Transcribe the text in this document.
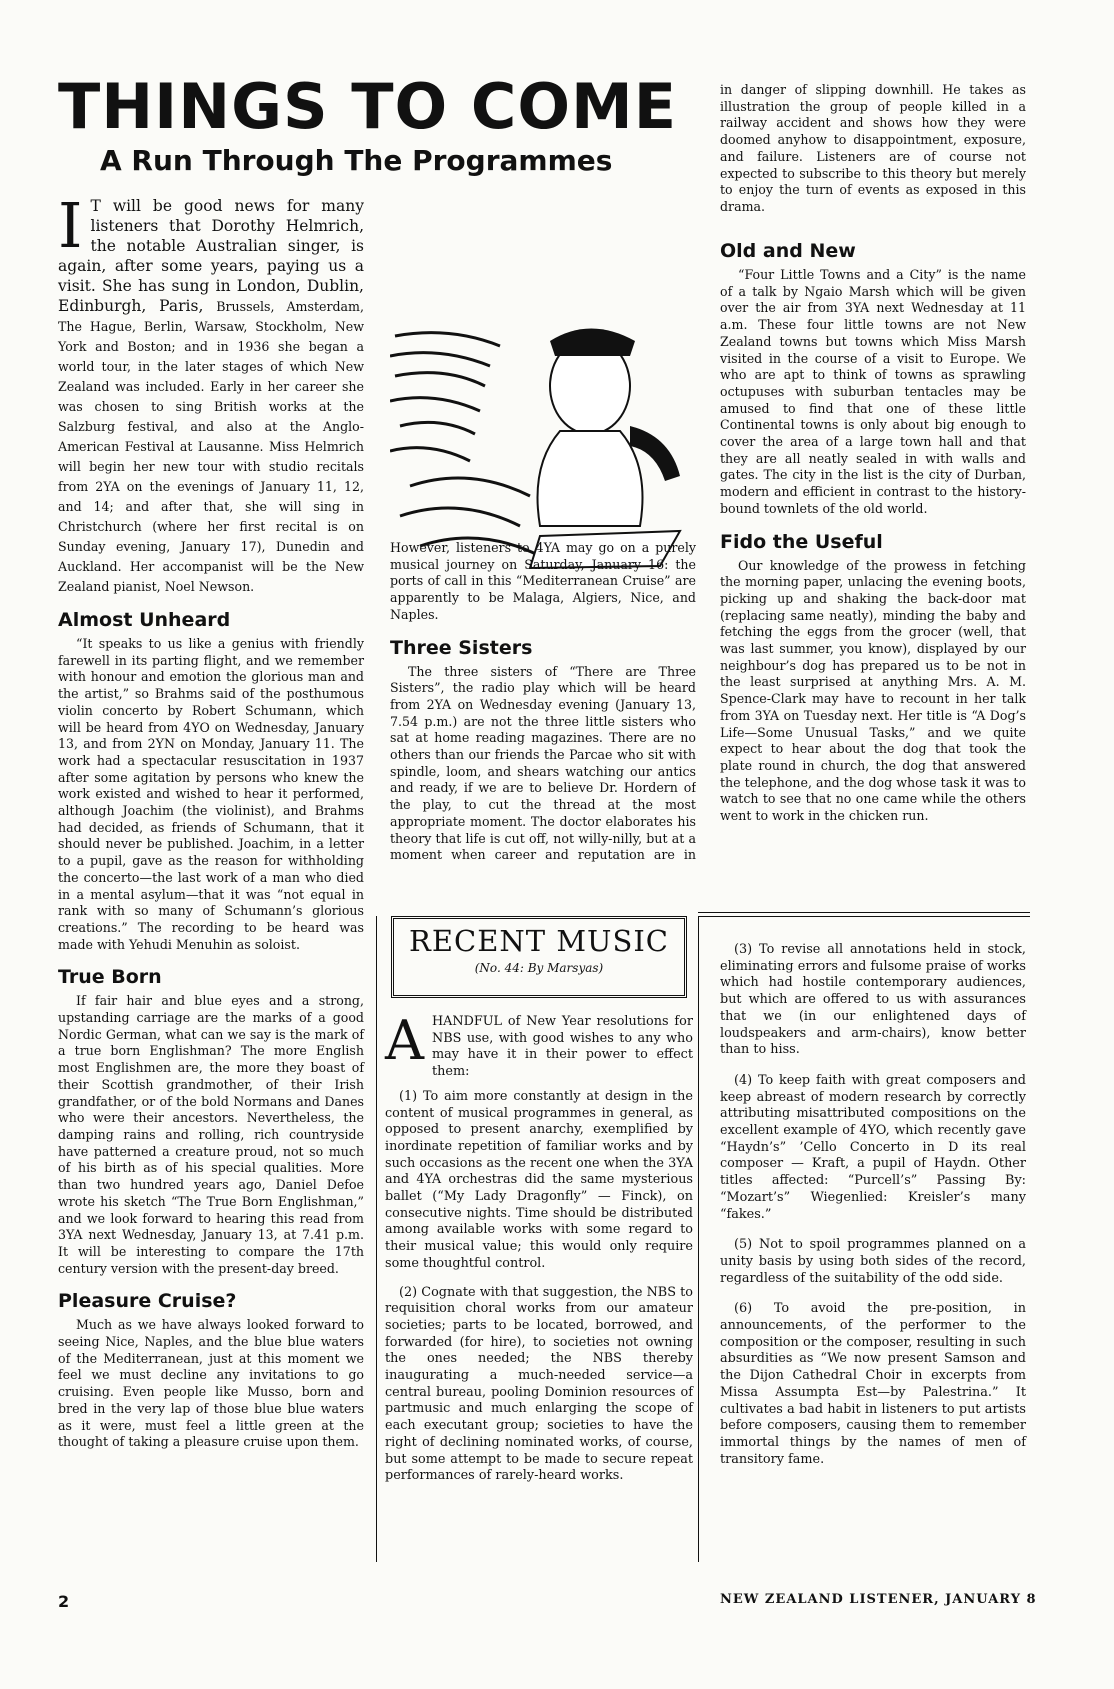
THINGS TO COME
A Run Through The Programmes

I T will be good news for many listeners that Dorothy Helmrich, the notable Australian singer, is again, after some years, paying us a visit. She has sung in London, Dublin, Edinburgh, Paris, Brussels, Amsterdam, The Hague, Berlin, Warsaw, Stockholm, New York and Boston; and in 1936 she began a world tour, in the later stages of which New Zealand was included. Early in her career she was chosen to sing British works at the Salzburg festival, and also at the Anglo-American Festival at Lausanne. Miss Helmrich will begin her new tour with studio recitals from 2YA on the evenings of January 11, 12, and 14; and after that, she will sing in Christchurch (where her first recital is on Sunday evening, January 17), Dunedin and Auckland. Her accompanist will be the New Zealand pianist, Noel Newson.

Almost Unheard

“It speaks to us like a genius with friendly farewell in its parting flight, and we remember with honour and emotion the glorious man and the artist,” so Brahms said of the posthumous violin concerto by Robert Schumann, which will be heard from 4YO on Wednesday, January 13, and from 2YN on Monday, January 11. The work had a spectacular resuscitation in 1937 after some agitation by persons who knew the work existed and wished to hear it performed, although Joachim (the violinist), and Brahms had decided, as friends of Schumann, that it should never be published. Joachim, in a letter to a pupil, gave as the reason for withholding the concerto—the last work of a man who died in a mental asylum—that it was “not equal in rank with so many of Schumann’s glorious creations.” The recording to be heard was made with Yehudi Menuhin as soloist.

True Born

If fair hair and blue eyes and a strong, upstanding carriage are the marks of a good Nordic German, what can we say is the mark of a true born Englishman? The more English most Englishmen are, the more they boast of their Scottish grandmother, of their Irish grandfather, or of the bold Normans and Danes who were their ancestors. Nevertheless, the damping rains and rolling, rich countryside have patterned a creature proud, not so much of his birth as of his special qualities. More than two hundred years ago, Daniel Defoe wrote his sketch “The True Born Englishman,” and we look forward to hearing this read from 3YA next Wednesday, January 13, at 7.41 p.m. It will be interesting to compare the 17th century version with the present-day breed.

Pleasure Cruise?

Much as we have always looked forward to seeing Nice, Naples, and the blue blue waters of the Mediterranean, just at this moment we feel we must decline any invitations to go cruising. Even people like Musso, born and bred in the very lap of those blue blue waters as it were, must feel a little green at the thought of taking a pleasure cruise upon them.

However, listeners to 4YA may go on a purely musical journey on Saturday, January 16: the ports of call in this “Mediterranean Cruise” are apparently to be Malaga, Algiers, Nice, and Naples.

Three Sisters

The three sisters of “There are Three Sisters”, the radio play which will be heard from 2YA on Wednesday evening (January 13, 7.54 p.m.) are not the three little sisters who sat at home reading magazines. There are no others than our friends the Parcae who sit with spindle, loom, and shears watching our antics and ready, if we are to believe Dr. Hordern of the play, to cut the thread at the most appropriate moment. The doctor elaborates his theory that life is cut off, not willy-nilly, but at a moment when career and reputation are in

in danger of slipping downhill. He takes as illustration the group of people killed in a railway accident and shows how they were doomed anyhow to disappointment, exposure, and failure. Listeners are of course not expected to subscribe to this theory but merely to enjoy the turn of events as exposed in this drama.

Old and New

“Four Little Towns and a City” is the name of a talk by Ngaio Marsh which will be given over the air from 3YA next Wednesday at 11 a.m. These four little towns are not New Zealand towns but towns which Miss Marsh visited in the course of a visit to Europe. We who are apt to think of towns as sprawling octupuses with suburban tentacles may be amused to find that one of these little Continental towns is only about big enough to cover the area of a large town hall and that they are all neatly sealed in with walls and gates. The city in the list is the city of Durban, modern and efficient in contrast to the history-bound townlets of the old world.

Fido the Useful

Our knowledge of the prowess in fetching the morning paper, unlacing the evening boots, picking up and shaking the back-door mat (replacing same neatly), minding the baby and fetching the eggs from the grocer (well, that was last summer, you know), displayed by our neighbour’s dog has prepared us to be not in the least surprised at anything Mrs. A. M. Spence-Clark may have to recount in her talk from 3YA on Tuesday next. Her title is “A Dog’s Life—Some Unusual Tasks,” and we quite expect to hear about the dog that took the plate round in church, the dog that answered the telephone, and the dog whose task it was to watch to see that no one came while the others went to work in the chicken run.

RECENT MUSIC
(No. 44: By Marsyas)

AHANDFUL of New Year resolutions for NBS use, with good wishes to any who may have it in their power to effect them:

(1) To aim more constantly at design in the content of musical programmes in general, as opposed to present anarchy, exemplified by inordinate repetition of familiar works and by such occasions as the recent one when the 3YA and 4YA orchestras did the same mysterious ballet (“My Lady Dragonfly” — Finck), on consecutive nights. Time should be distributed among available works with some regard to their musical value; this would only require some thoughtful control.

(2) Cognate with that suggestion, the NBS to requisition choral works from our amateur societies; parts to be located, borrowed, and forwarded (for hire), to societies not owning the ones needed; the NBS thereby inaugurating a much-needed service—a central bureau, pooling Dominion resources of partmusic and much enlarging the scope of each executant group; societies to have the right of declining nominated works, of course, but some attempt to be made to secure repeat performances of rarely-heard works.

(3) To revise all annotations held in stock, eliminating errors and fulsome praise of works which had hostile contemporary audiences, but which are offered to us with assurances that we (in our enlightened days of loudspeakers and arm-chairs), know better than to hiss.

(4) To keep faith with great composers and keep abreast of modern research by correctly attributing misattributed compositions on the excellent example of 4YO, which recently gave “Haydn’s” ’Cello Concerto in D its real composer — Kraft, a pupil of Haydn. Other titles affected: “Purcell’s” Passing By: “Mozart’s” Wiegenlied: Kreisler’s many “fakes.”

(5) Not to spoil programmes planned on a unity basis by using both sides of the record, regardless of the suitability of the odd side.

(6) To avoid the pre-position, in announcements, of the performer to the composition or the composer, resulting in such absurdities as “We now present Samson and the Dijon Cathedral Choir in excerpts from Missa Assumpta Est—by Palestrina.” It cultivates a bad habit in listeners to put artists before composers, causing them to remember immortal things by the names of men of transitory fame.

2	NEW ZEALAND LISTENER, JANUARY 8
